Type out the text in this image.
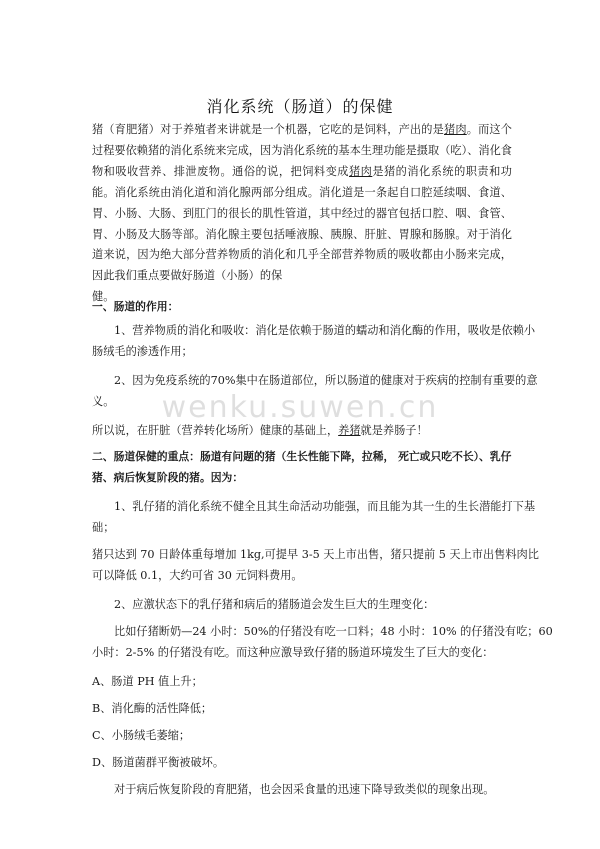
消化系统（肠道）的保健

猪（育肥猪）对于养殖者来讲就是一个机器，它吃的是饲料，产出的是猪肉。而这个过程要依赖猪的消化系统来完成，因为消化系统的基本生理功能是摄取（吃）、消化食物和吸收营养、排泄废物。通俗的说，把饲料变成猪肉是猪的消化系统的职责和功能。消化系统由消化道和消化腺两部分组成。消化道是一条起自口腔延续咽、食道、胃、小肠、大肠、到肛门的很长的肌性管道，其中经过的器官包括口腔、咽、食管、胃、小肠及大肠等部。消化腺主要包括唾液腺、胰腺、肝脏、胃腺和肠腺。对于消化道来说，因为绝大部分营养物质的消化和几乎全部营养物质的吸收都由小肠来完成，因此我们重点要做好肠道（小肠）的保

健。

一、肠道的作用：
1、营养物质的消化和吸收：消化是依赖于肠道的蠕动和消化酶的作用，吸收是依赖小
肠绒毛的渗透作用；
2、因为免疫系统的70%集中在肠道部位，所以肠道的健康对于疾病的控制有重要的意
义。
所以说，在肝脏（营养转化场所）健康的基础上，养猪就是养肠子！
二、肠道保健的重点：肠道有问题的猪（生长性能下降，拉稀， 死亡或只吃不长）、乳仔
猪、病后恢复阶段的猪。因为：
1、乳仔猪的消化系统不健全且其生命活动功能强，而且能为其一生的生长潜能打下基
础；
猪只达到 70 日龄体重每增加 1kg,可提早 3-5 天上市出售，猪只提前 5 天上市出售料肉比
可以降低 0.1，大约可省 30 元饲料费用。
2、应激状态下的乳仔猪和病后的猪肠道会发生巨大的生理变化：
比如仔猪断奶—24 小时：50%的仔猪没有吃一口料；48 小时：10% 的仔猪没有吃；60
小时：2-5% 的仔猪没有吃。而这种应激导致仔猪的肠道环境发生了巨大的变化：
A、肠道 PH 值上升；
B、消化酶的活性降低；
C、小肠绒毛萎缩；
D、肠道菌群平衡被破坏。
对于病后恢复阶段的育肥猪，也会因采食量的迅速下降导致类似的现象出现。
wenku.suwen.cn
